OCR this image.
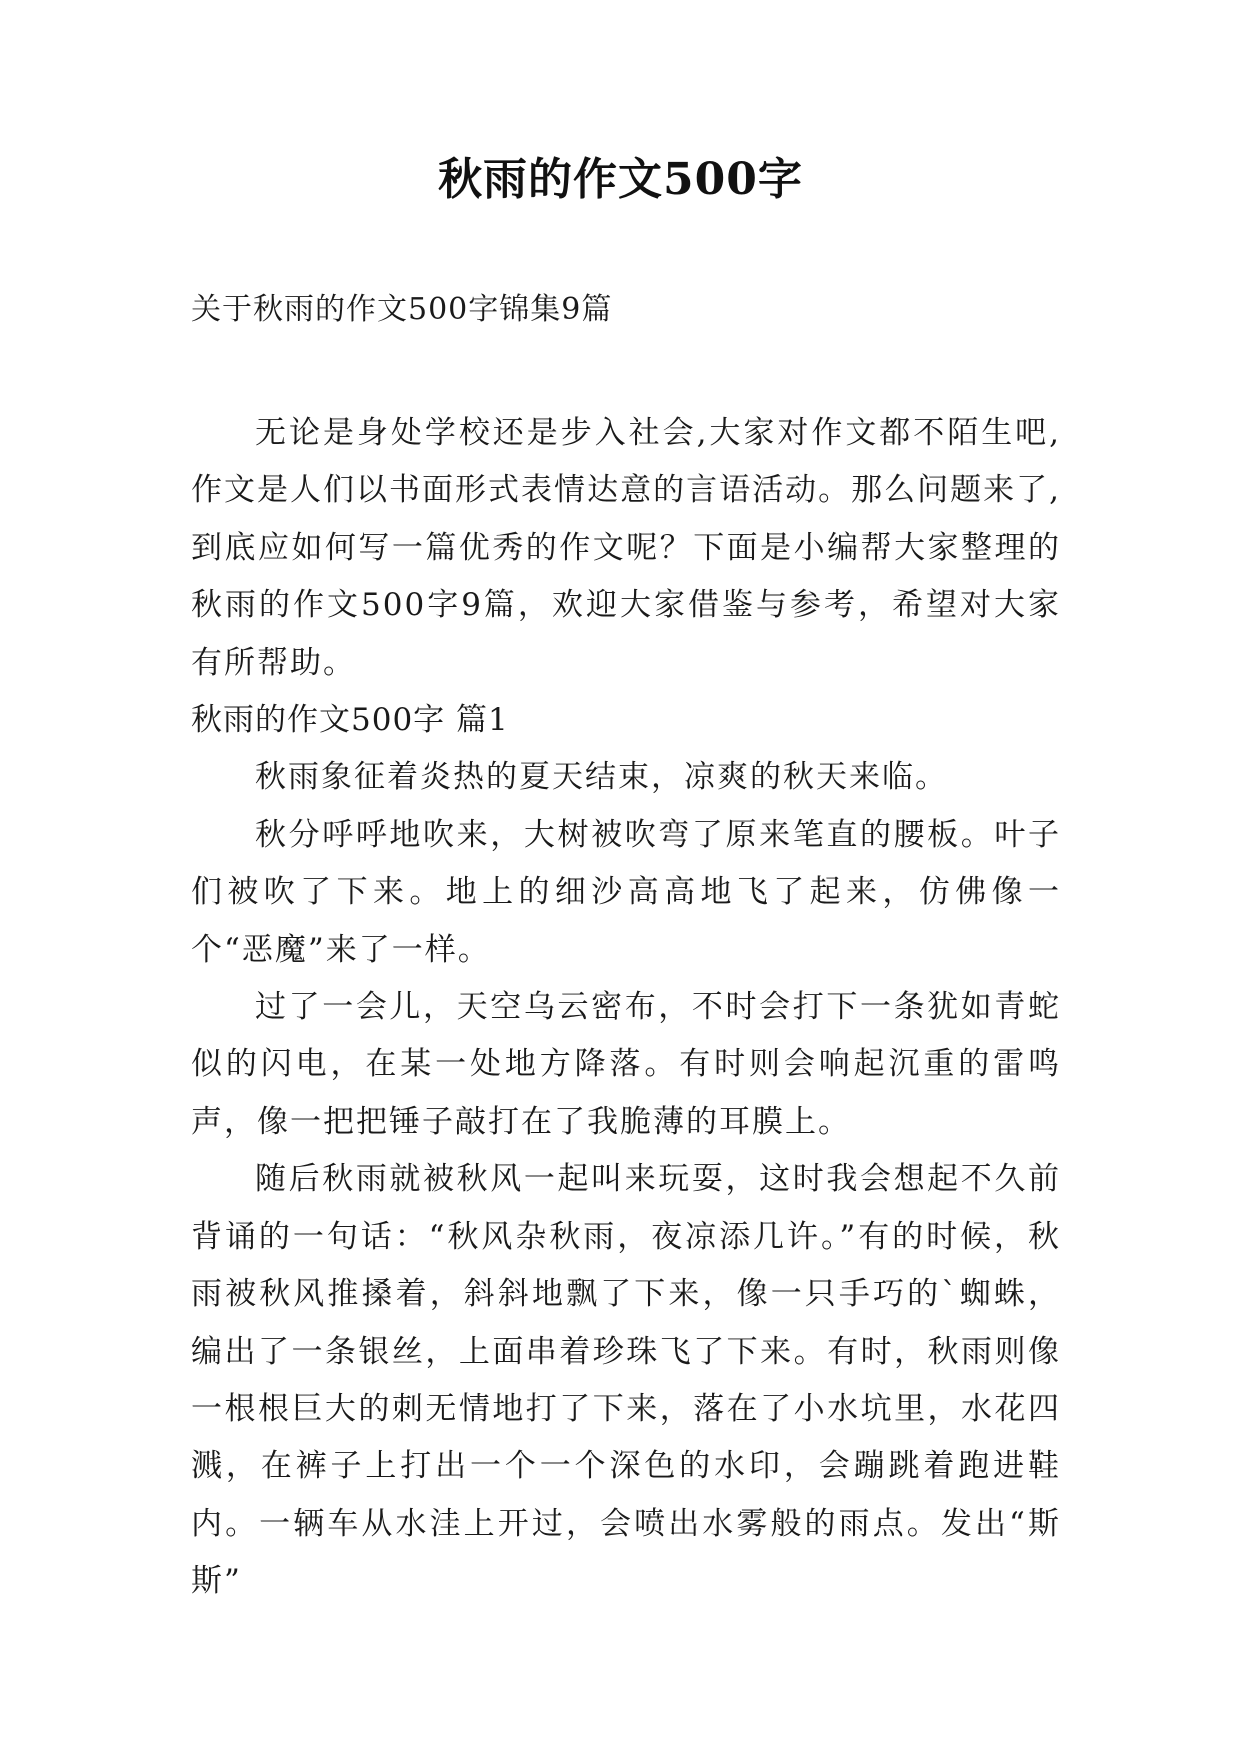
秋雨的作文500字
关于秋雨的作文500字锦集9篇

无论是身处学校还是步入社会,大家对作文都不陌生吧,作文是人们以书面形式表情达意的言语活动。那么问题来了,到底应如何写一篇优秀的作文呢？下面是小编帮大家整理的秋雨的作文500字9篇，欢迎大家借鉴与参考，希望对大家有所帮助。

秋雨的作文500字 篇1

秋雨象征着炎热的夏天结束，凉爽的秋天来临。

秋分呼呼地吹来，大树被吹弯了原来笔直的腰板。叶子们被吹了下来。地上的细沙高高地飞了起来，仿佛像一个“恶魔”来了一样。

过了一会儿，天空乌云密布，不时会打下一条犹如青蛇似的闪电，在某一处地方降落。有时则会响起沉重的雷鸣声，像一把把锤子敲打在了我脆薄的耳膜上。

随后秋雨就被秋风一起叫来玩耍，这时我会想起不久前背诵的一句话：“秋风杂秋雨，夜凉添几许。”有的时候，秋雨被秋风推搡着，斜斜地飘了下来，像一只手巧的`蜘蛛，编出了一条银丝，上面串着珍珠飞了下来。有时，秋雨则像一根根巨大的刺无情地打了下来，落在了小水坑里，水花四溅，在裤子上打出一个一个深色的水印，会蹦跳着跑进鞋内。一辆车从水洼上开过，会喷出水雾般的雨点。发出“斯斯”
